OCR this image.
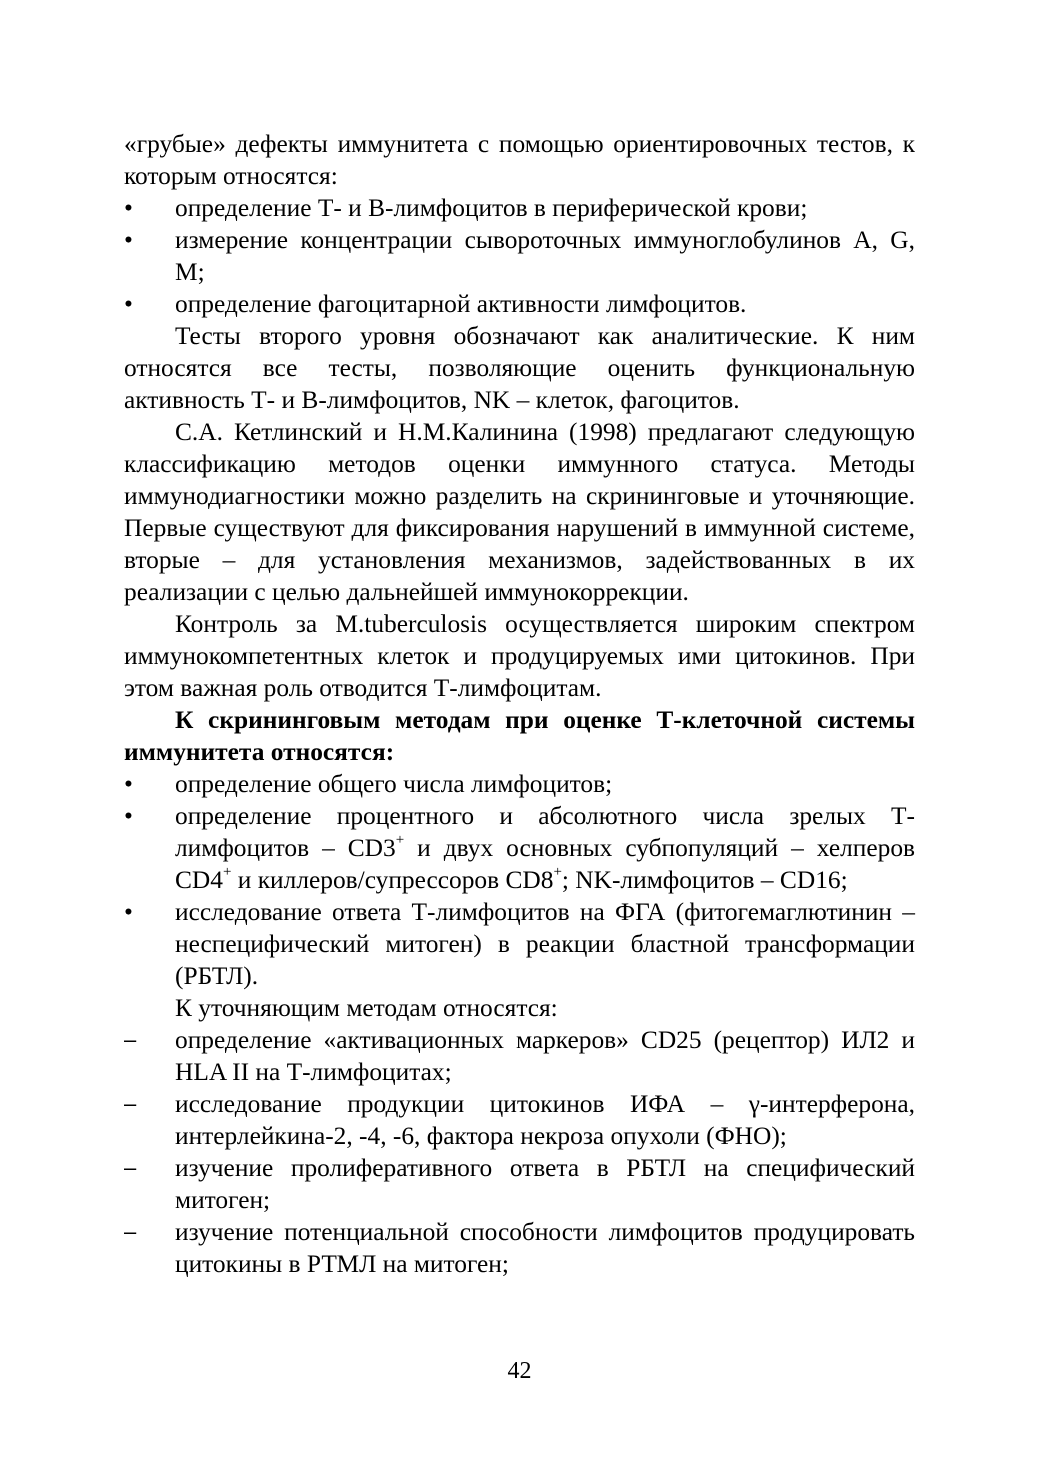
«грубые» дефекты иммунитета с помощью ориентировочных тестов, к которым относятся:

•	определение Т- и В-лимфоцитов в периферической крови;
•	измерение концентрации сывороточных иммуноглобулинов A, G, M;
•	определение фагоцитарной активности лимфоцитов.

Тесты второго уровня обозначают как аналитические. К ним относятся все тесты, позволяющие оценить функциональную активность Т- и В-лимфоцитов, NK – клеток, фагоцитов.

С.А. Кетлинский и Н.М.Калинина (1998) предлагают следующую классификацию методов оценки иммунного статуса. Методы иммунодиагностики можно разделить на скрининговые и уточняющие. Первые существуют для фиксирования нарушений в иммунной системе, вторые – для установления механизмов, задействованных в их реализации с целью дальнейшей иммунокоррекции.

Контроль за M.tuberculosis осуществляется широким спектром иммунокомпетентных клеток и продуцируемых ими цитокинов. При этом важная роль отводится Т-лимфоцитам.

К скрининговым методам при оценке Т-клеточной системы иммунитета относятся:

•	определение общего числа лимфоцитов;
•	определение процентного и абсолютного числа зрелых Т-лимфоцитов – CD3+ и двух основных субпопуляций – хелперов CD4+ и киллеров/супрессоров CD8+; NK-лимфоцитов – CD16;
•	исследование ответа Т-лимфоцитов на ФГА (фитогемаглютинин – неспецифический митоген) в реакции бластной трансформации (РБТЛ).

К уточняющим методам относятся:

–	определение «активационных маркеров» CD25 (рецептор) ИЛ2 и HLA II на Т-лимфоцитах;
–	исследование продукции цитокинов ИФА – γ-интерферона, интерлейкина-2, -4, -6, фактора некроза опухоли (ФНО);
–	изучение пролиферативного ответа в РБТЛ на специфический митоген;
–	изучение потенциальной способности лимфоцитов продуцировать цитокины в РТМЛ на митоген;
42
